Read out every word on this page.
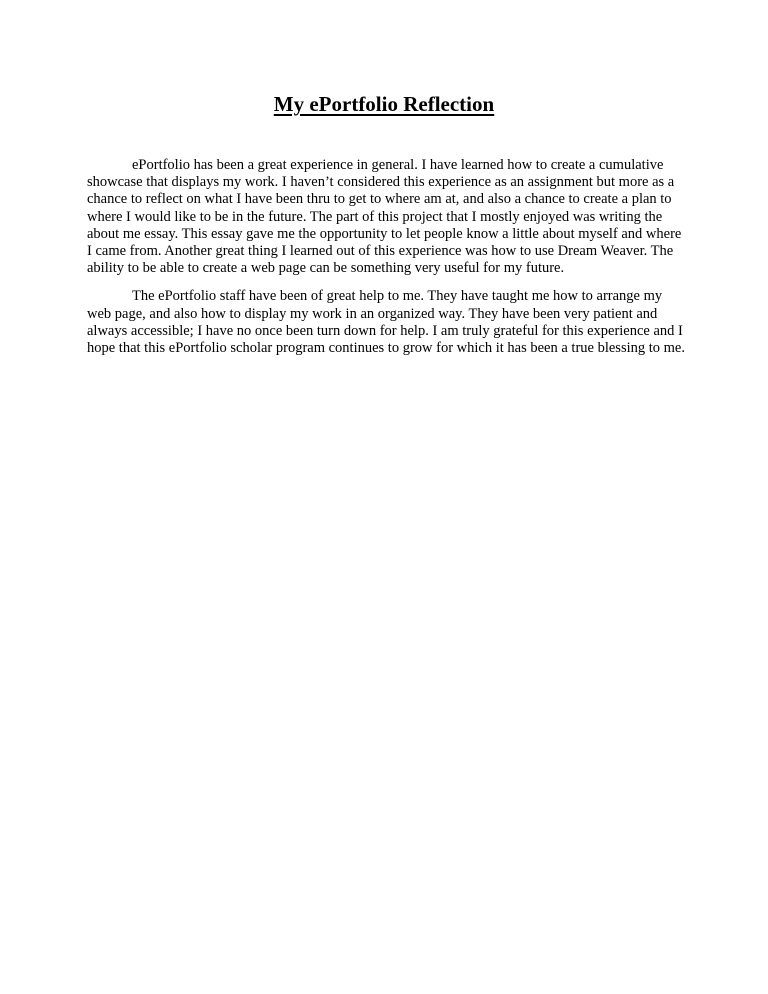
My ePortfolio Reflection

ePortfolio has been a great experience in general. I have learned how to create a cumulative showcase that displays my work. I haven’t considered this experience as an assignment but more as a chance to reflect on what I have been thru to get to where am at, and also a chance to create a plan to where I would like to be in the future. The part of this project that I mostly enjoyed was writing the about me essay. This essay gave me the opportunity to let people know a little about myself and where I came from. Another great thing I learned out of this experience was how to use Dream Weaver. The ability to be able to create a web page can be something very useful for my future.

The ePortfolio staff have been of great help to me. They have taught me how to arrange my web page, and also how to display my work in an organized way. They have been very patient and always accessible; I have no once been turn down for help. I am truly grateful for this experience and I hope that this ePortfolio scholar program continues to grow for which it has been a true blessing to me.
